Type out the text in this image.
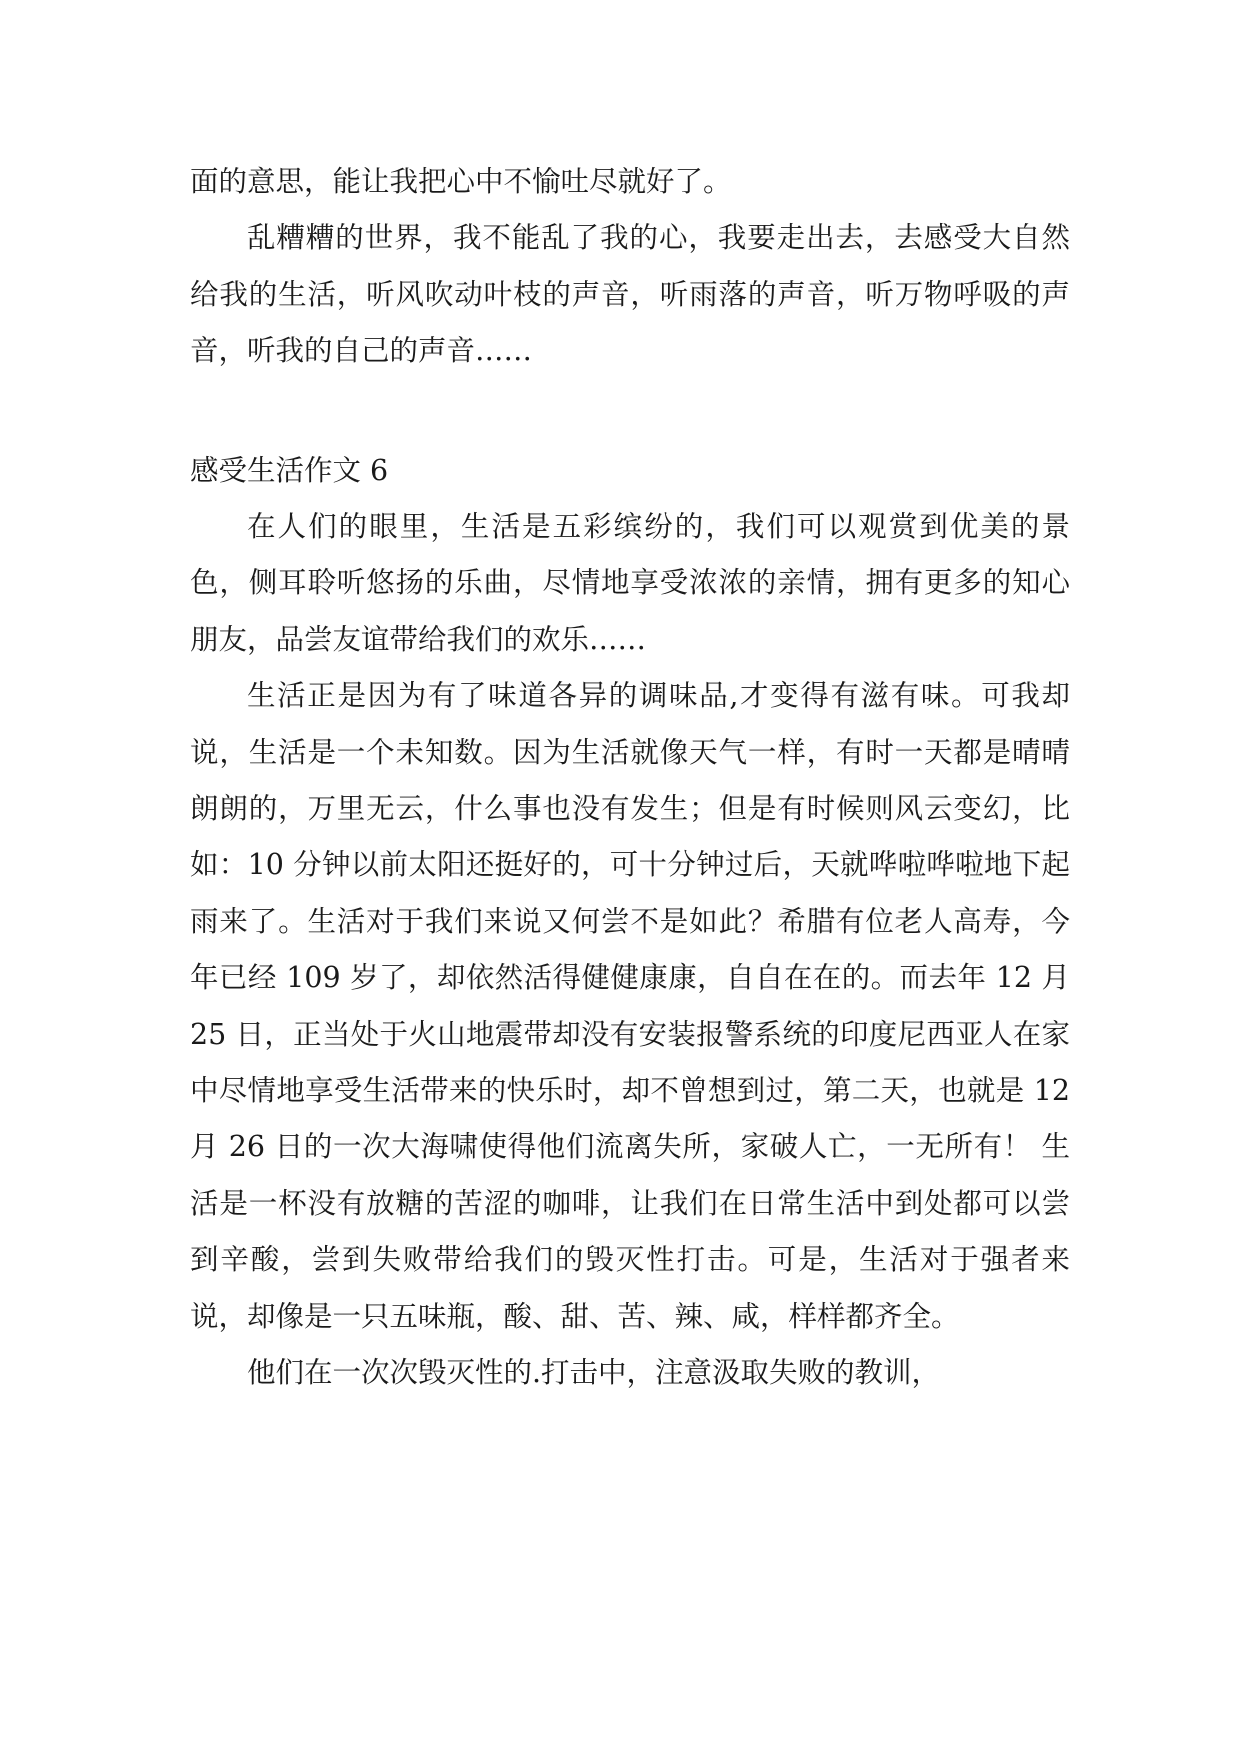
面的意思，能让我把心中不愉吐尽就好了。

乱糟糟的世界，我不能乱了我的心，我要走出去，去感受大自然给我的生活，听风吹动叶枝的声音，听雨落的声音，听万物呼吸的声音，听我的自己的声音……

感受生活作文 6

在人们的眼里，生活是五彩缤纷的，我们可以观赏到优美的景色，侧耳聆听悠扬的乐曲，尽情地享受浓浓的亲情，拥有更多的知心朋友，品尝友谊带给我们的欢乐……

生活正是因为有了味道各异的调味品,才变得有滋有味。可我却说，生活是一个未知数。因为生活就像天气一样，有时一天都是晴晴朗朗的，万里无云，什么事也没有发生；但是有时候则风云变幻，比如：10 分钟以前太阳还挺好的，可十分钟过后，天就哗啦哗啦地下起雨来了。生活对于我们来说又何尝不是如此？希腊有位老人高寿，今年已经 109 岁了，却依然活得健健康康，自自在在的。而去年 12 月 25 日，正当处于火山地震带却没有安装报警系统的印度尼西亚人在家中尽情地享受生活带来的快乐时，却不曾想到过，第二天，也就是 12 月 26 日的一次大海啸使得他们流离失所，家破人亡，一无所有！ 生活是一杯没有放糖的苦涩的咖啡，让我们在日常生活中到处都可以尝到辛酸，尝到失败带给我们的毁灭性打击。可是，生活对于强者来说，却像是一只五味瓶，酸、甜、苦、辣、咸，样样都齐全。

他们在一次次毁灭性的.打击中，注意汲取失败的教训，
